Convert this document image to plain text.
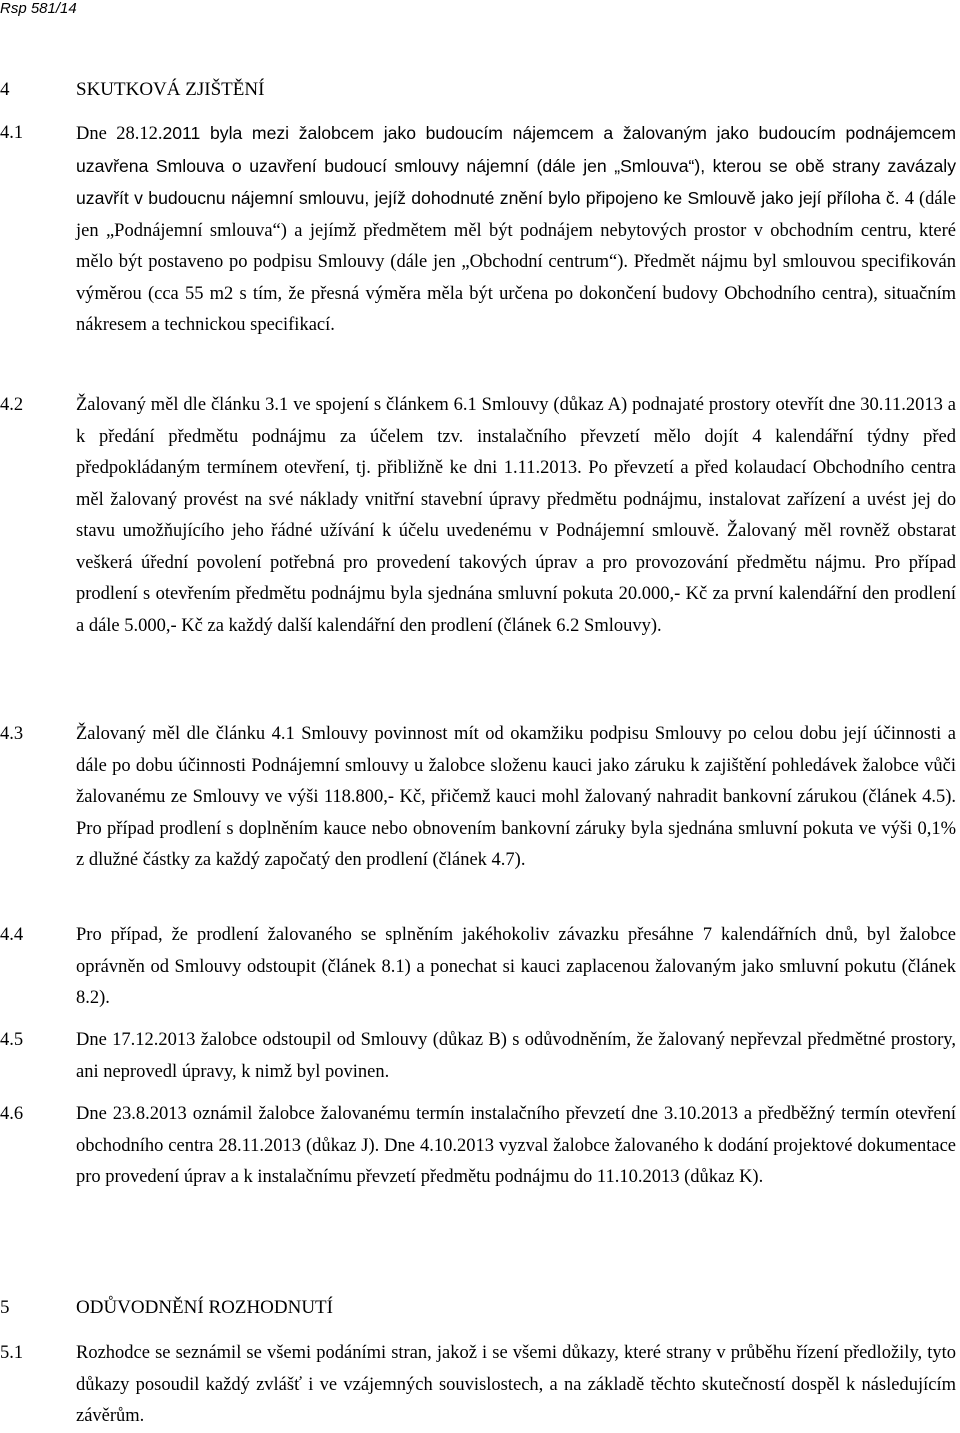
Rsp 581/14
4	SKUTKOVÁ ZJIŠTĚNÍ
4.1	Dne 28.12.2011 byla mezi žalobcem jako budoucím nájemcem a žalovaným jako budoucím podnájemcem uzavřena Smlouva o uzavření budoucí smlouvy nájemní (dále jen „Smlouva“), kterou se obě strany zavázaly uzavřít v budoucnu nájemní smlouvu, jejíž dohodnuté znění bylo připojeno ke Smlouvě jako její příloha č. 4 (dále jen „Podnájemní smlouva“) a jejímž předmětem měl být podnájem nebytových prostor v obchodním centru, které mělo být postaveno po podpisu Smlouvy (dále jen „Obchodní centrum“). Předmět nájmu byl smlouvou specifikován výměrou (cca 55 m2 s tím, že přesná výměra měla být určena po dokončení budovy Obchodního centra), situačním nákresem a technickou specifikací.
4.2	Žalovaný měl dle článku 3.1 ve spojení s článkem 6.1 Smlouvy (důkaz A) podnajaté prostory otevřít dne 30.11.2013 a k předání předmětu podnájmu za účelem tzv. instalačního převzetí mělo dojít 4 kalendářní týdny před předpokládaným termínem otevření, tj. přibližně ke dni 1.11.2013. Po převzetí a před kolaudací Obchodního centra měl žalovaný provést na své náklady vnitřní stavební úpravy předmětu podnájmu, instalovat zařízení a uvést jej do stavu umožňujícího jeho řádné užívání k účelu uvedenému v Podnájemní smlouvě. Žalovaný měl rovněž obstarat veškerá úřední povolení potřebná pro provedení takových úprav a pro provozování předmětu nájmu. Pro případ prodlení s otevřením předmětu podnájmu byla sjednána smluvní pokuta 20.000,- Kč za první kalendářní den prodlení a dále 5.000,- Kč za každý další kalendářní den prodlení (článek 6.2 Smlouvy).
4.3	Žalovaný měl dle článku 4.1 Smlouvy povinnost mít od okamžiku podpisu Smlouvy po celou dobu její účinnosti a dále po dobu účinnosti Podnájemní smlouvy u žalobce složenu kauci jako záruku k zajištění pohledávek žalobce vůči žalovanému ze Smlouvy ve výši 118.800,- Kč, přičemž kauci mohl žalovaný nahradit bankovní zárukou (článek 4.5). Pro případ prodlení s doplněním kauce nebo obnovením bankovní záruky byla sjednána smluvní pokuta ve výši 0,1% z dlužné částky za každý započatý den prodlení (článek 4.7).
4.4	Pro případ, že prodlení žalovaného se splněním jakéhokoliv závazku přesáhne 7 kalendářních dnů, byl žalobce oprávněn od Smlouvy odstoupit (článek 8.1) a ponechat si kauci zaplacenou žalovaným jako smluvní pokutu (článek 8.2).
4.5	Dne 17.12.2013 žalobce odstoupil od Smlouvy (důkaz B) s odůvodněním, že žalovaný nepřevzal předmětné prostory, ani neprovedl úpravy, k nimž byl povinen.
4.6	Dne 23.8.2013 oznámil žalobce žalovanému termín instalačního převzetí dne 3.10.2013 a předběžný termín otevření obchodního centra 28.11.2013 (důkaz J). Dne 4.10.2013 vyzval žalobce žalovaného k dodání projektové dokumentace pro provedení úprav a k instalačnímu převzetí předmětu podnájmu do 11.10.2013 (důkaz K).
5	ODŮVODNĚNÍ ROZHODNUTÍ
5.1	Rozhodce se seznámil se všemi podáními stran, jakož i se všemi důkazy, které strany v průběhu řízení předložily, tyto důkazy posoudil každý zvlášť i ve vzájemných souvislostech, a na základě těchto skutečností dospěl k následujícím závěrům.
